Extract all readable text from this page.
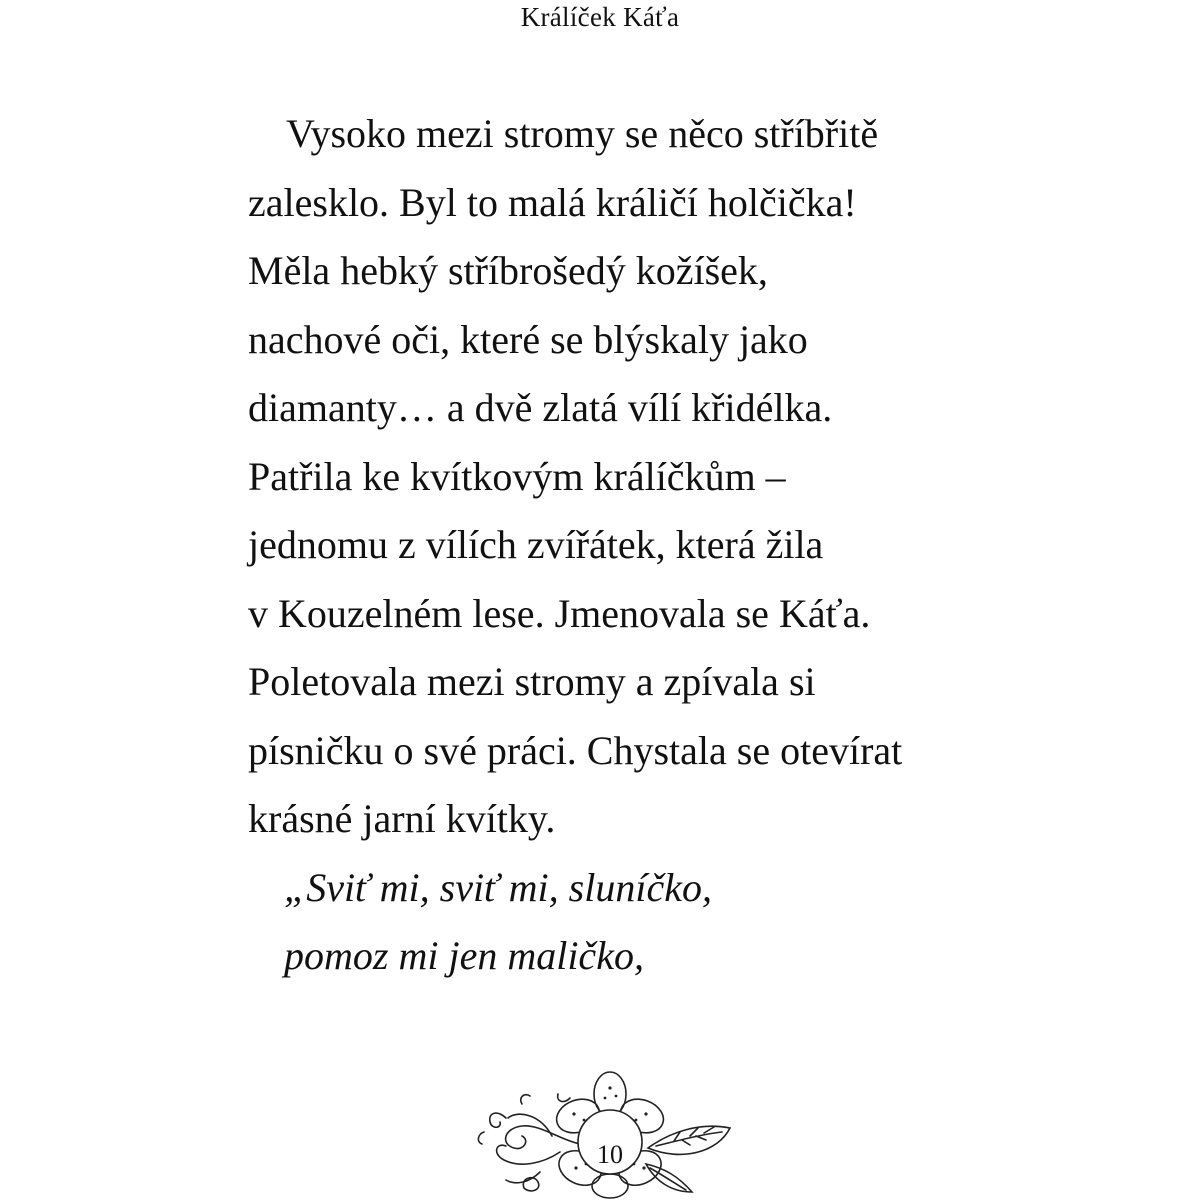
Králíček Káťa
Vysoko mezi stromy se něco stříbřitě
zalesklo. Byl to malá králičí holčička!
Měla hebký stříbrošedý kožíšek,
nachové oči, které se blýskaly jako
diamanty… a dvě zlatá vílí křidélka.
Patřila ke kvítkovým králíčkům –
jednomu z vílích zvířátek, která žila
v Kouzelném lese. Jmenovala se Káťa.
Poletovala mezi stromy a zpívala si
písničku o své práci. Chystala se otevírat
krásné jarní kvítky.
„Sviť mi, sviť mi, sluníčko,
pomoz mi jen maličko,
10
